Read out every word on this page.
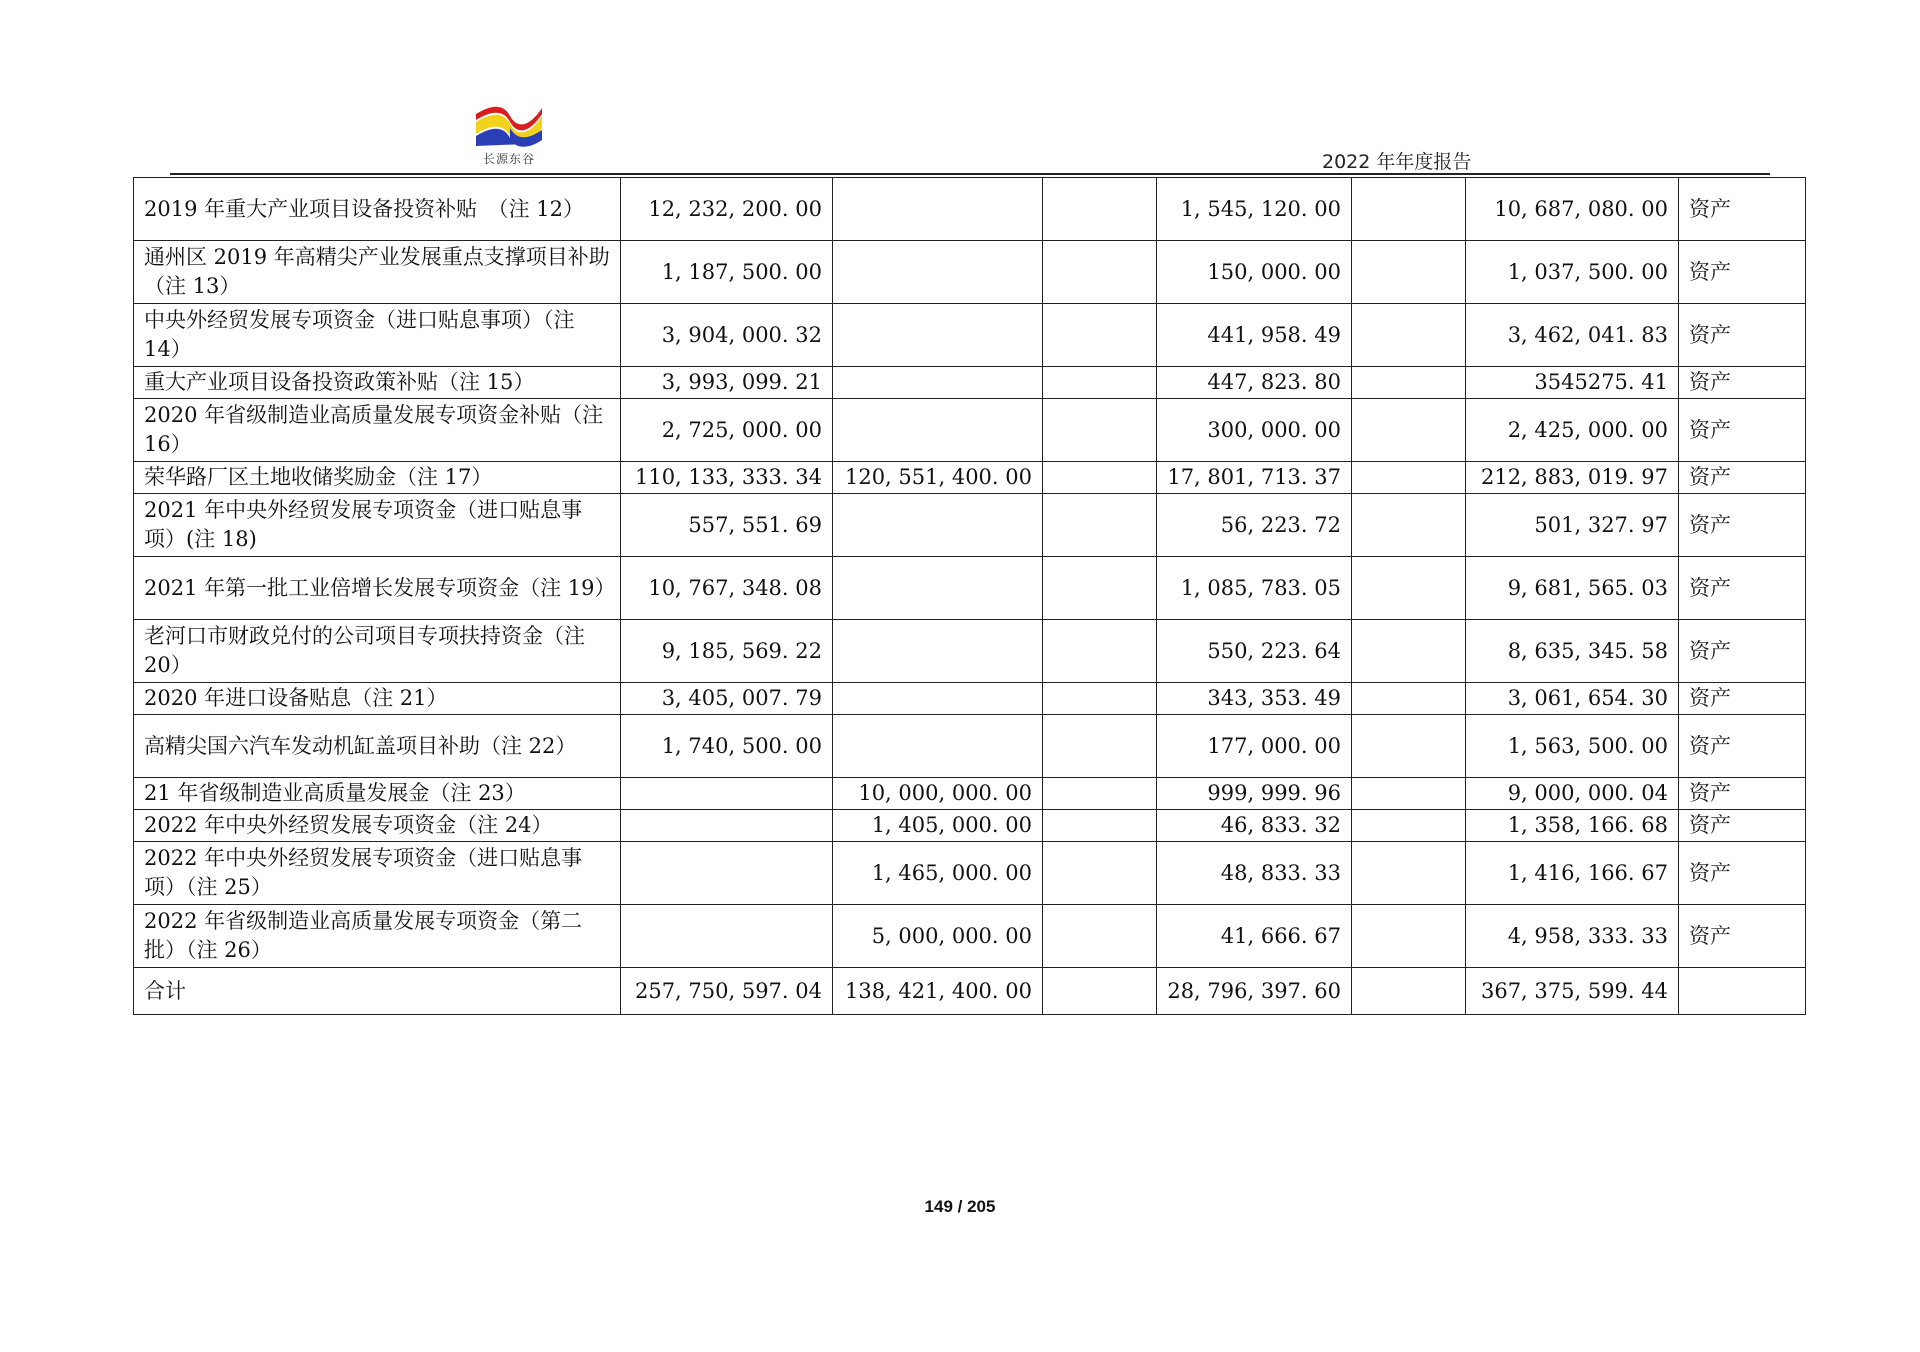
长源东谷	2022 年年度报告
2019 年重大产业项目设备投资补贴　（注 12）	12, 232, 200. 00			1, 545, 120. 00		10, 687, 080. 00	资产
通州区 2019 年高精尖产业发展重点支撑项目补助（注 13）	1, 187, 500. 00			150, 000. 00		1, 037, 500. 00	资产
中央外经贸发展专项资金（进口贴息事项）（注 14）	3, 904, 000. 32			441, 958. 49		3, 462, 041. 83	资产
重大产业项目设备投资政策补贴（注 15）	3, 993, 099. 21			447, 823. 80		3545275. 41	资产
2020 年省级制造业高质量发展专项资金补贴（注 16）	2, 725, 000. 00			300, 000. 00		2, 425, 000. 00	资产
荣华路厂区土地收储奖励金（注 17）	110, 133, 333. 34	120, 551, 400. 00		17, 801, 713. 37		212, 883, 019. 97	资产
2021 年中央外经贸发展专项资金（进口贴息事项）(注 18)	557, 551. 69			56, 223. 72		501, 327. 97	资产
2021 年第一批工业倍增长发展专项资金（注 19）	10, 767, 348. 08			1, 085, 783. 05		9, 681, 565. 03	资产
老河口市财政兑付的公司项目专项扶持资金（注 20）	9, 185, 569. 22			550, 223. 64		8, 635, 345. 58	资产
2020 年进口设备贴息（注 21）	3, 405, 007. 79			343, 353. 49		3, 061, 654. 30	资产
高精尖国六汽车发动机缸盖项目补助（注 22）	1, 740, 500. 00			177, 000. 00		1, 563, 500. 00	资产
21 年省级制造业高质量发展金（注 23）		10, 000, 000. 00		999, 999. 96		9, 000, 000. 04	资产
2022 年中央外经贸发展专项资金（注 24）		1, 405, 000. 00		46, 833. 32		1, 358, 166. 68	资产
2022 年中央外经贸发展专项资金（进口贴息事项）（注 25）		1, 465, 000. 00		48, 833. 33		1, 416, 166. 67	资产
2022 年省级制造业高质量发展专项资金（第二批）（注 26）		5, 000, 000. 00		41, 666. 67		4, 958, 333. 33	资产
合计	257, 750, 597. 04	138, 421, 400. 00		28, 796, 397. 60		367, 375, 599. 44	
149 / 205
